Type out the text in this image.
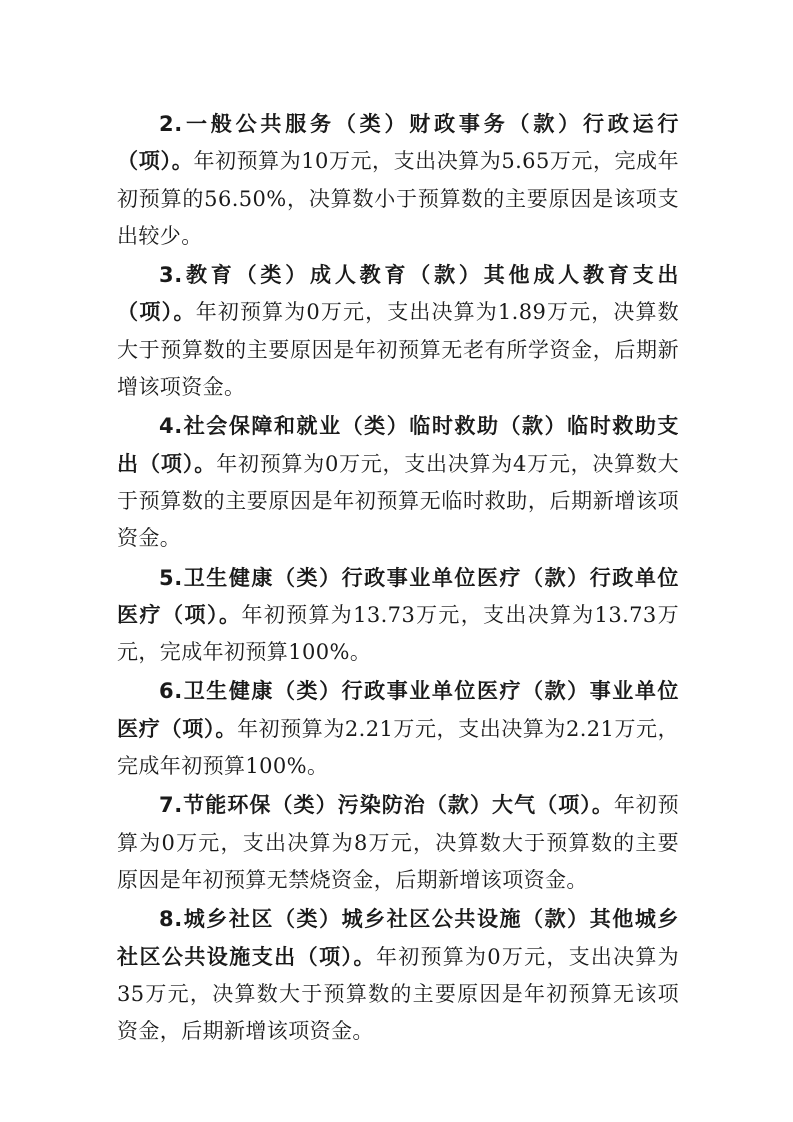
2.一般公共服务（类）财政事务（款）行政运行（项）。年初预算为10万元，支出决算为5.65万元，完成年初预算的56.50%，决算数小于预算数的主要原因是该项支出较少。

3.教育（类）成人教育（款）其他成人教育支出（项）。年初预算为0万元，支出决算为1.89万元，决算数大于预算数的主要原因是年初预算无老有所学资金，后期新增该项资金。

4.社会保障和就业（类）临时救助（款）临时救助支出（项）。年初预算为0万元，支出决算为4万元，决算数大于预算数的主要原因是年初预算无临时救助，后期新增该项资金。

5.卫生健康（类）行政事业单位医疗（款）行政单位医疗（项）。年初预算为13.73万元，支出决算为13.73万元，完成年初预算100%。

6.卫生健康（类）行政事业单位医疗（款）事业单位医疗（项）。年初预算为2.21万元，支出决算为2.21万元，完成年初预算100%。

7.节能环保（类）污染防治（款）大气（项）。年初预算为0万元，支出决算为8万元，决算数大于预算数的主要原因是年初预算无禁烧资金，后期新增该项资金。

8.城乡社区（类）城乡社区公共设施（款）其他城乡社区公共设施支出（项）。年初预算为0万元，支出决算为35万元，决算数大于预算数的主要原因是年初预算无该项资金，后期新增该项资金。
